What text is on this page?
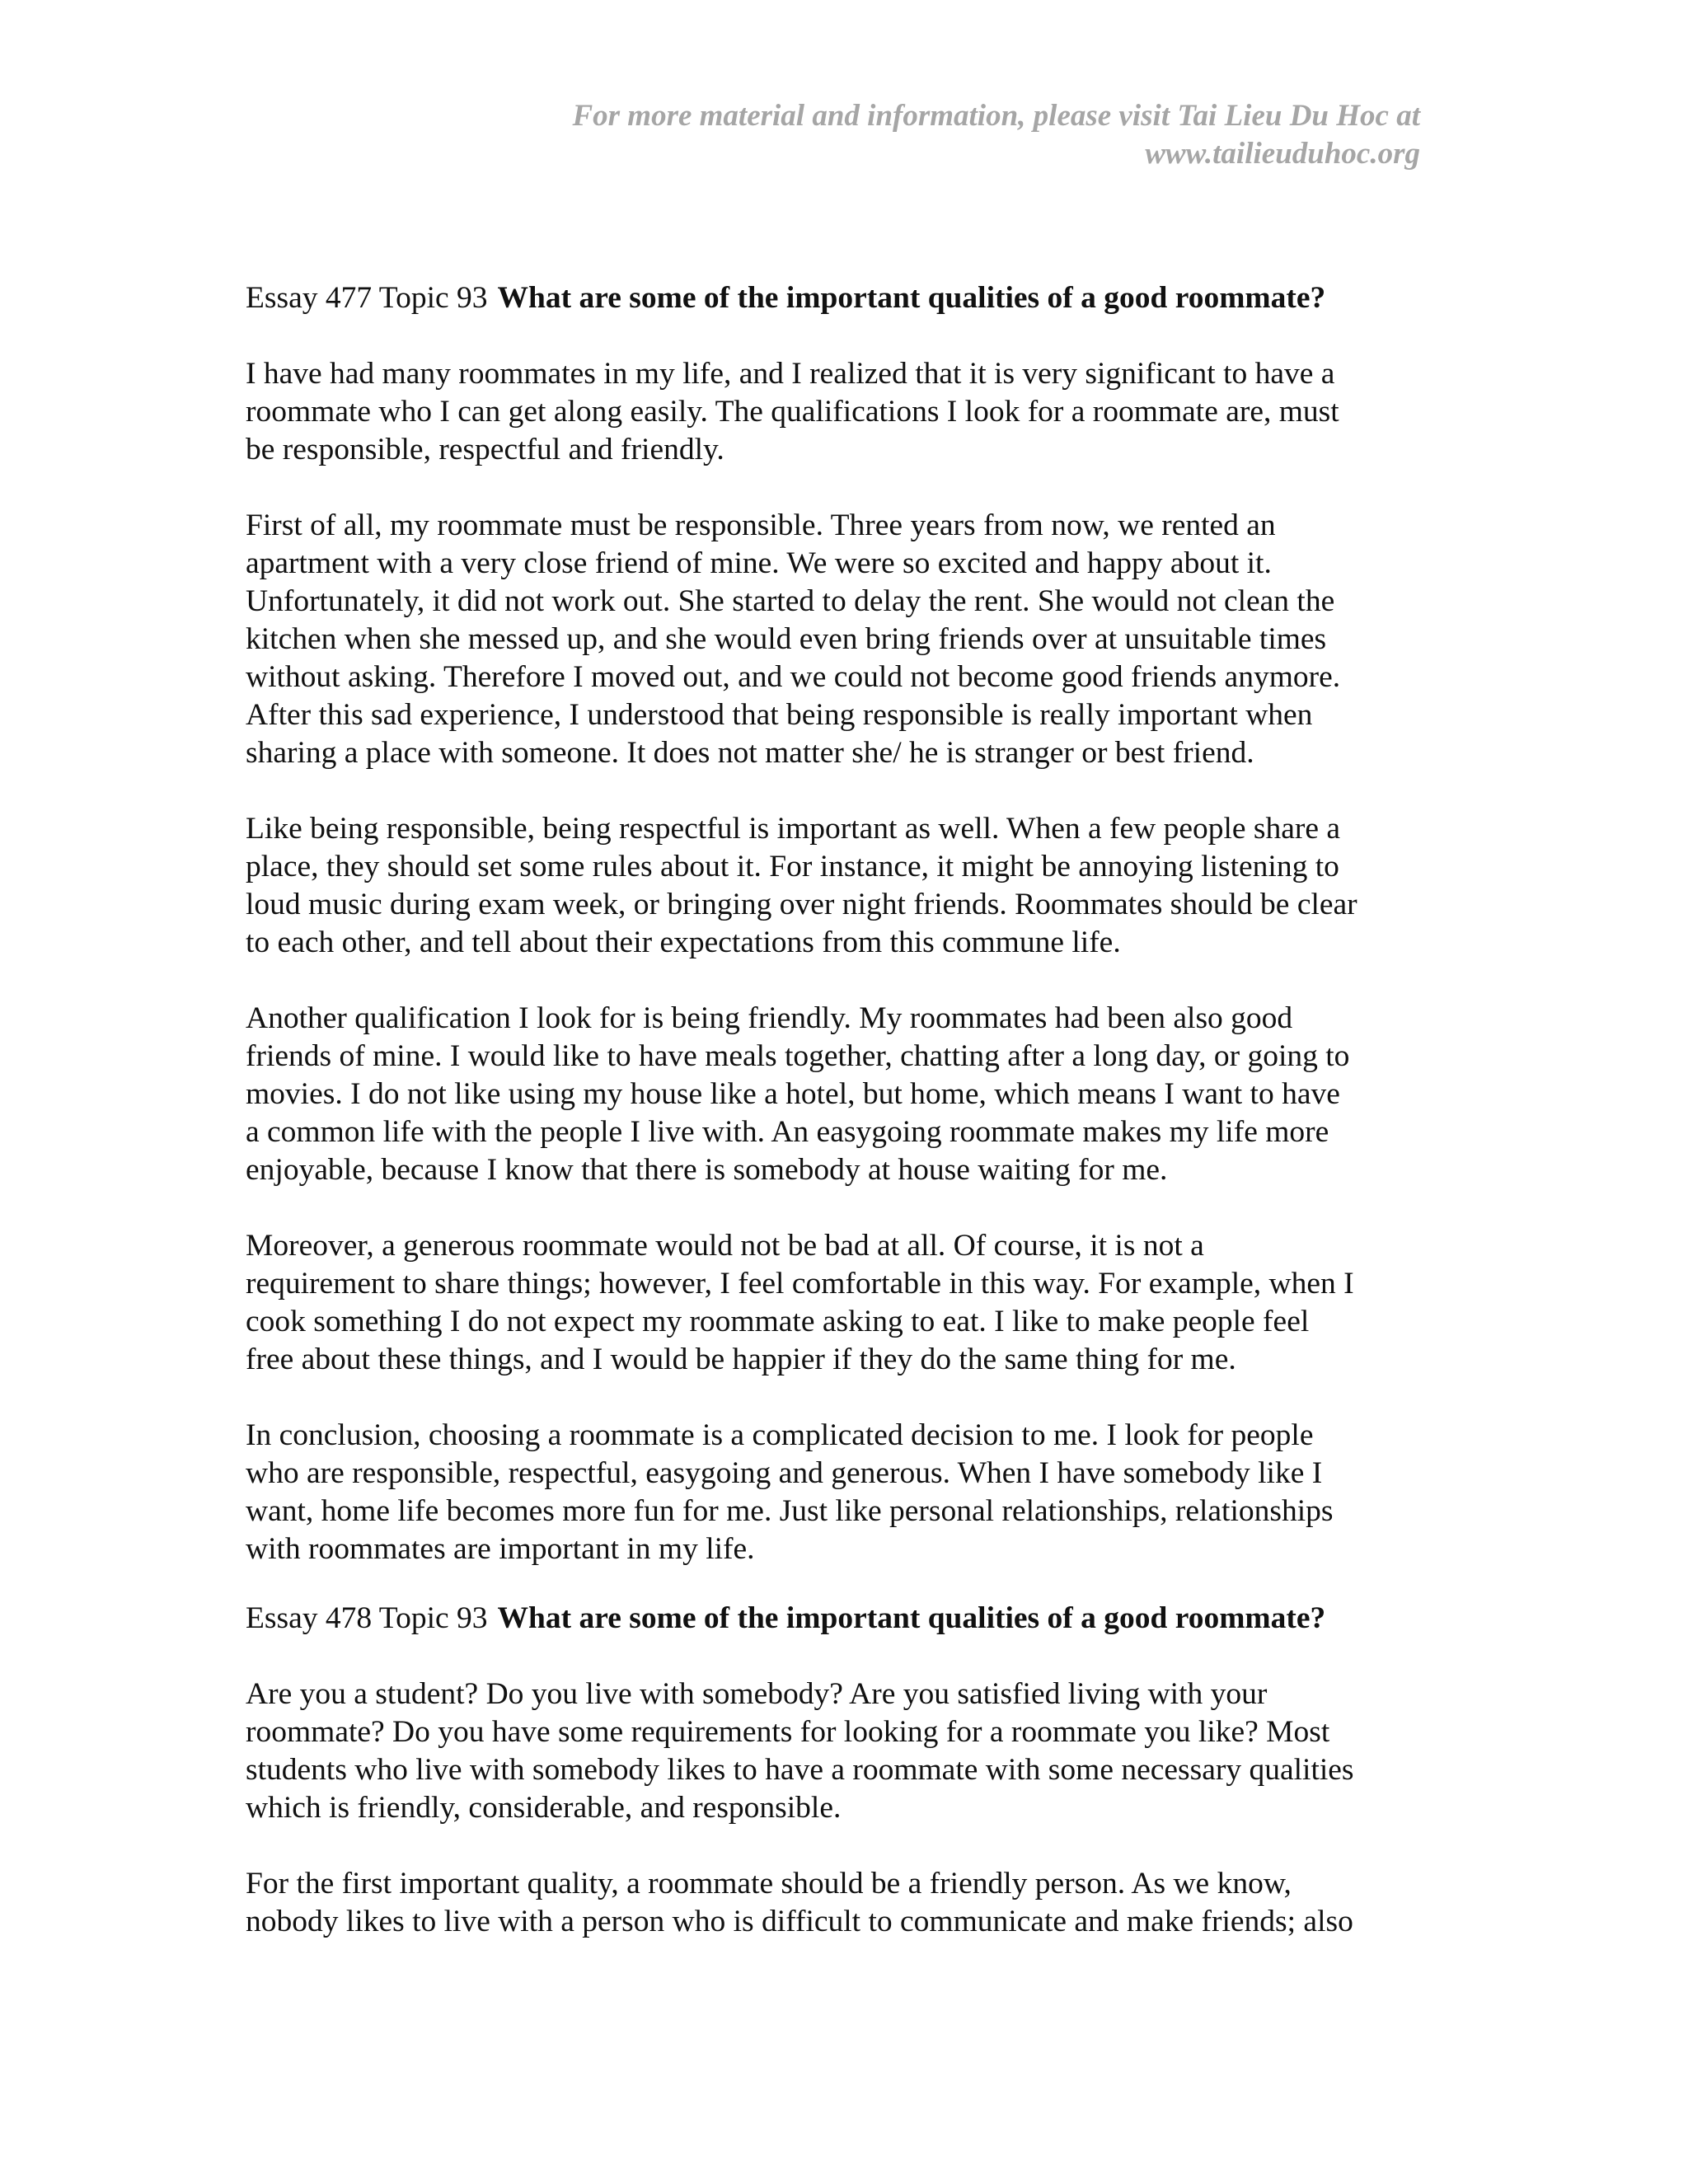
For more material and information, please visit Tai Lieu Du Hoc at
www.tailieuduhoc.org
Essay 477 Topic 93 What are some of the important qualities of a good roommate?
I have had many roommates in my life, and I realized that it is very significant to have a
roommate who I can get along easily. The qualifications I look for a roommate are, must
be responsible, respectful and friendly.
First of all, my roommate must be responsible. Three years from now, we rented an
apartment with a very close friend of mine. We were so excited and happy about it.
Unfortunately, it did not work out. She started to delay the rent. She would not clean the
kitchen when she messed up, and she would even bring friends over at unsuitable times
without asking. Therefore I moved out, and we could not become good friends anymore.
After this sad experience, I understood that being responsible is really important when
sharing a place with someone. It does not matter she/ he is stranger or best friend.
Like being responsible, being respectful is important as well. When a few people share a
place, they should set some rules about it. For instance, it might be annoying listening to
loud music during exam week, or bringing over night friends. Roommates should be clear
to each other, and tell about their expectations from this commune life.
Another qualification I look for is being friendly. My roommates had been also good
friends of mine. I would like to have meals together, chatting after a long day, or going to
movies. I do not like using my house like a hotel, but home, which means I want to have
a common life with the people I live with. An easygoing roommate makes my life more
enjoyable, because I know that there is somebody at house waiting for me.
Moreover, a generous roommate would not be bad at all. Of course, it is not a
requirement to share things; however, I feel comfortable in this way. For example, when I
cook something I do not expect my roommate asking to eat. I like to make people feel
free about these things, and I would be happier if they do the same thing for me.
In conclusion, choosing a roommate is a complicated decision to me. I look for people
who are responsible, respectful, easygoing and generous. When I have somebody like I
want, home life becomes more fun for me. Just like personal relationships, relationships
with roommates are important in my life.
Essay 478 Topic 93 What are some of the important qualities of a good roommate?
Are you a student? Do you live with somebody? Are you satisfied living with your
roommate? Do you have some requirements for looking for a roommate you like? Most
students who live with somebody likes to have a roommate with some necessary qualities
which is friendly, considerable, and responsible.
For the first important quality, a roommate should be a friendly person. As we know,
nobody likes to live with a person who is difficult to communicate and make friends; also
